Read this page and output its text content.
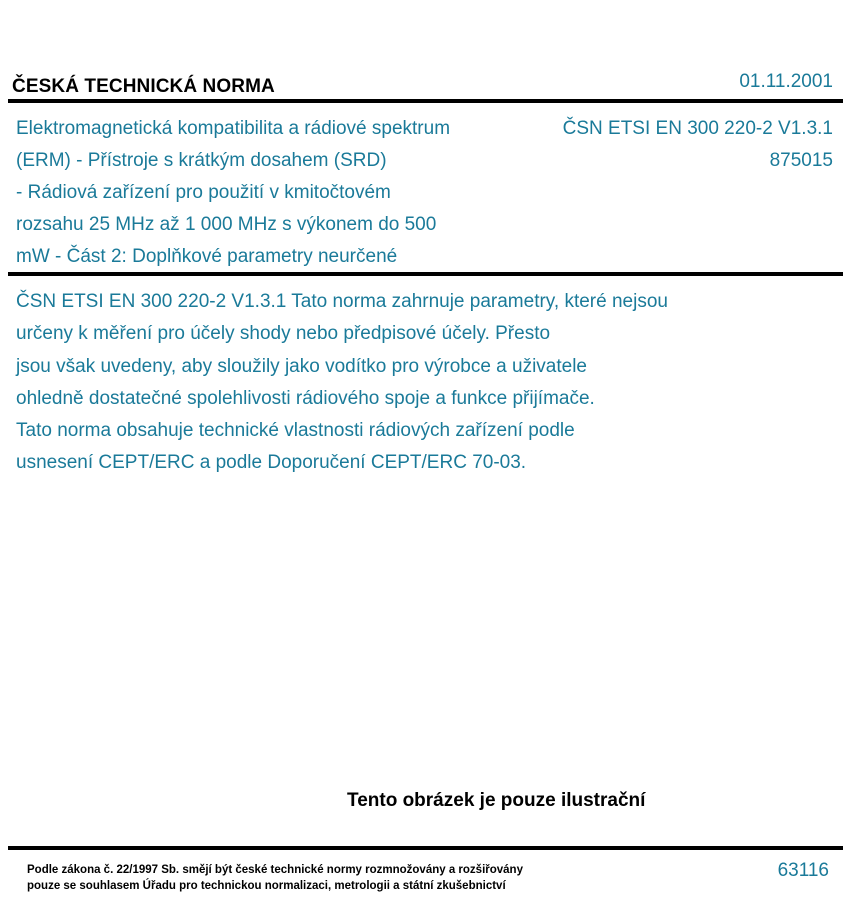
ČESKÁ TECHNICKÁ NORMA	01.11.2001
Elektromagnetická kompatibilita a rádiové spektrum
(ERM) - Přístroje s krátkým dosahem (SRD)
- Rádiová zařízení pro použití v kmitočtovém
rozsahu 25 MHz až 1 000 MHz s výkonem do 500
mW - Část 2: Doplňkové parametry neurčené
ČSN ETSI EN 300 220-2 V1.3.1
875015
ČSN ETSI EN 300 220-2 V1.3.1 Tato norma zahrnuje parametry, které nejsou
určeny k měření pro účely shody nebo předpisové účely. Přesto
jsou však uvedeny, aby sloužily jako vodítko pro výrobce a uživatele
ohledně dostatečné spolehlivosti rádiového spoje a funkce přijímače.
Tato norma obsahuje technické vlastnosti rádiových zařízení podle
usnesení CEPT/ERC a podle Doporučení CEPT/ERC 70-03.
Tento obrázek je pouze ilustrační
Podle zákona č. 22/1997 Sb. smějí být české technické normy rozmnožovány a rozšiřovány
pouze se souhlasem Úřadu pro technickou normalizaci, metrologii a státní zkušebnictví
63116
